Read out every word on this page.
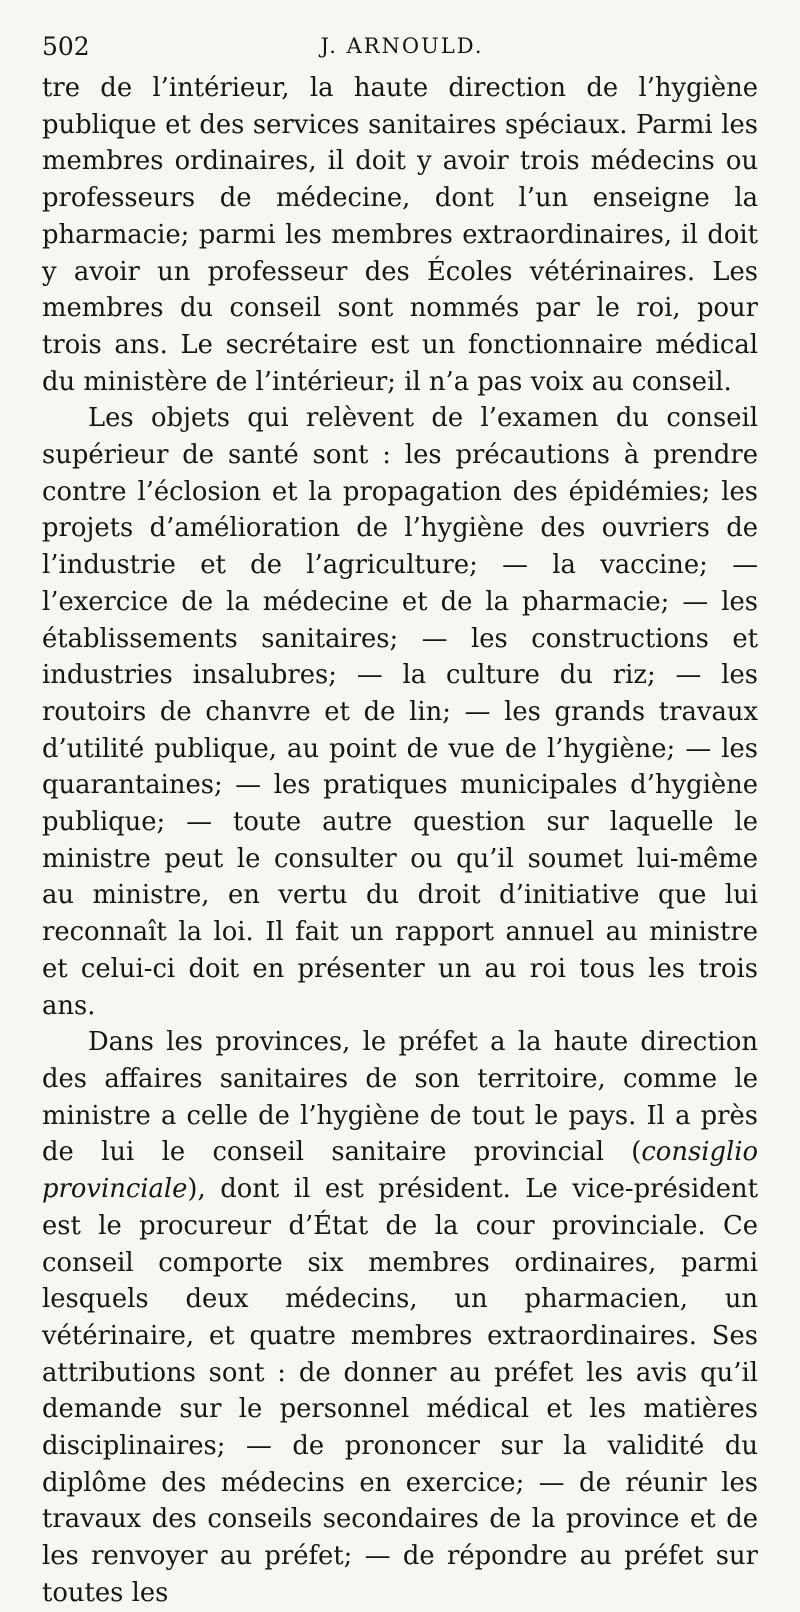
502	J. ARNOULD.

tre de l’intérieur, la haute direction de l’hygiène publique et des services sanitaires spéciaux. Parmi les membres ordinaires, il doit y avoir trois médecins ou professeurs de médecine, dont l’un enseigne la pharmacie; parmi les membres extraordinaires, il doit y avoir un professeur des Écoles vétérinaires. Les membres du conseil sont nommés par le roi, pour trois ans. Le secrétaire est un fonctionnaire médical du ministère de l’intérieur; il n’a pas voix au conseil.

Les objets qui relèvent de l’examen du conseil supérieur de santé sont : les précautions à prendre contre l’éclosion et la propagation des épidémies; les projets d’amélioration de l’hygiène des ouvriers de l’industrie et de l’agriculture; — la vaccine; — l’exercice de la médecine et de la pharmacie; — les établissements sanitaires; — les constructions et industries insalubres; — la culture du riz; — les routoirs de chanvre et de lin; — les grands travaux d’utilité publique, au point de vue de l’hygiène; — les quarantaines; — les pratiques municipales d’hygiène publique; — toute autre question sur laquelle le ministre peut le consulter ou qu’il soumet lui-même au ministre, en vertu du droit d’initiative que lui reconnaît la loi. Il fait un rapport annuel au ministre et celui-ci doit en présenter un au roi tous les trois ans.

Dans les provinces, le préfet a la haute direction des affaires sanitaires de son territoire, comme le ministre a celle de l’hygiène de tout le pays. Il a près de lui le conseil sanitaire provincial (consiglio provinciale), dont il est président. Le vice-président est le procureur d’État de la cour provinciale. Ce conseil comporte six membres ordinaires, parmi lesquels deux médecins, un pharmacien, un vétérinaire, et quatre membres extraordinaires. Ses attributions sont : de donner au préfet les avis qu’il demande sur le personnel médical et les matières disciplinaires; — de prononcer sur la validité du diplôme des médecins en exercice; — de réunir les travaux des conseils secondaires de la province et de les renvoyer au préfet; — de répondre au préfet sur toutes les
